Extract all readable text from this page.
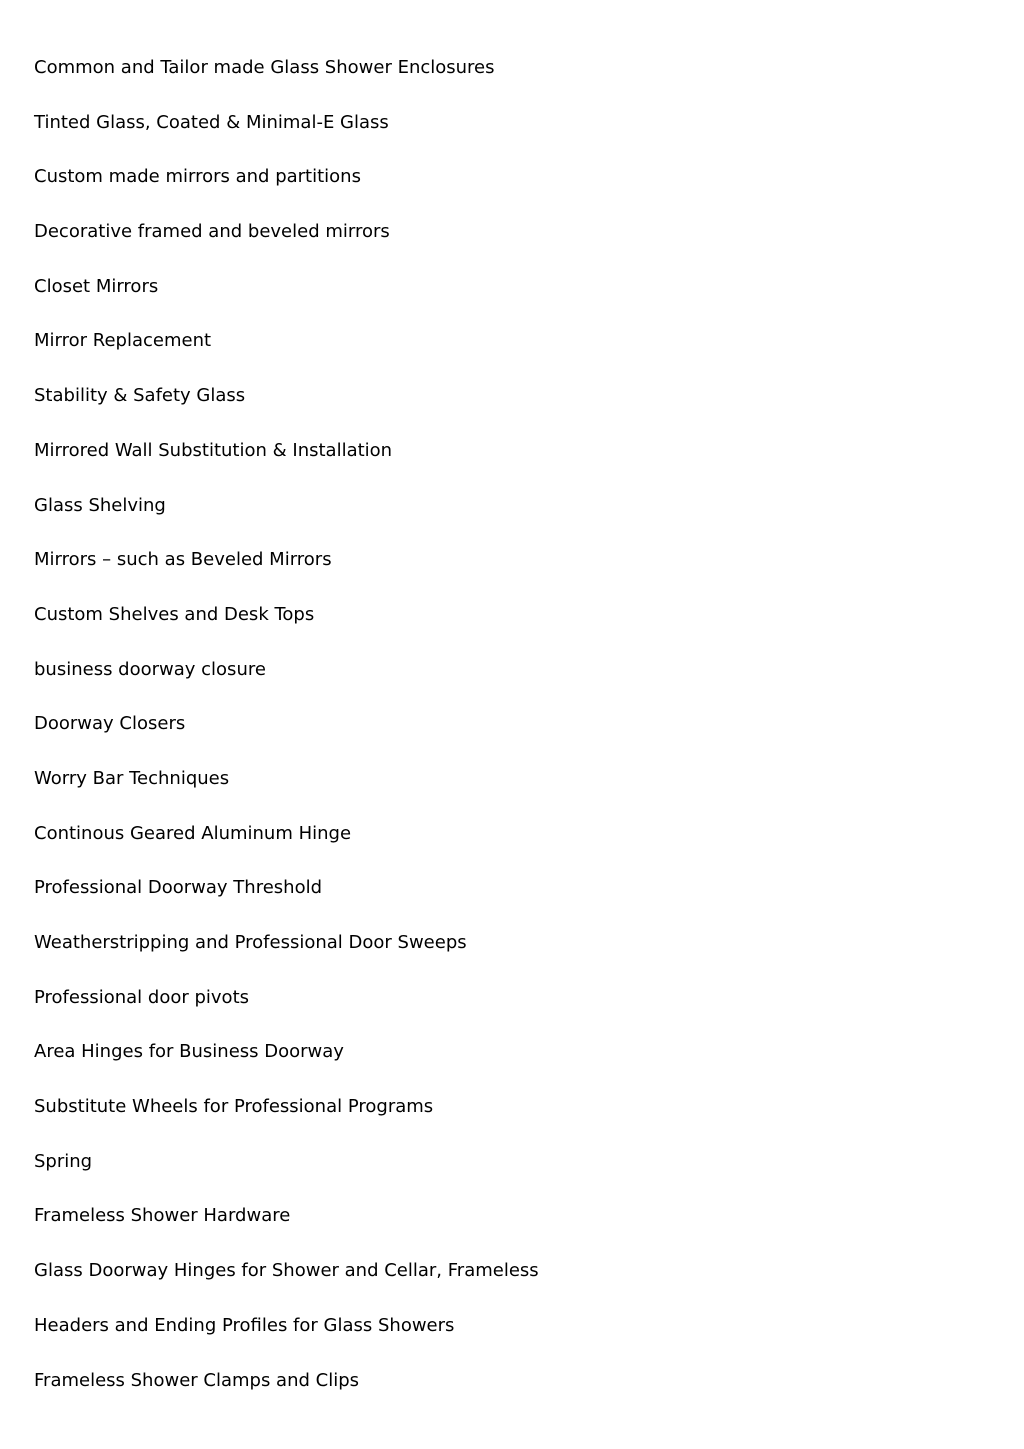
Common and Tailor made Glass Shower Enclosures
Tinted Glass, Coated & Minimal-E Glass
Custom made mirrors and partitions
Decorative framed and beveled mirrors
Closet Mirrors
Mirror Replacement
Stability & Safety Glass
Mirrored Wall Substitution & Installation
Glass Shelving
Mirrors – such as Beveled Mirrors
Custom Shelves and Desk Tops
business doorway closure
Doorway Closers
Worry Bar Techniques
Continous Geared Aluminum Hinge
Professional Doorway Threshold
Weatherstripping and Professional Door Sweeps
Professional door pivots
Area Hinges for Business Doorway
Substitute Wheels for Professional Programs
Spring
Frameless Shower Hardware
Glass Doorway Hinges for Shower and Cellar, Frameless
Headers and Ending Profiles for Glass Showers
Frameless Shower Clamps and Clips
